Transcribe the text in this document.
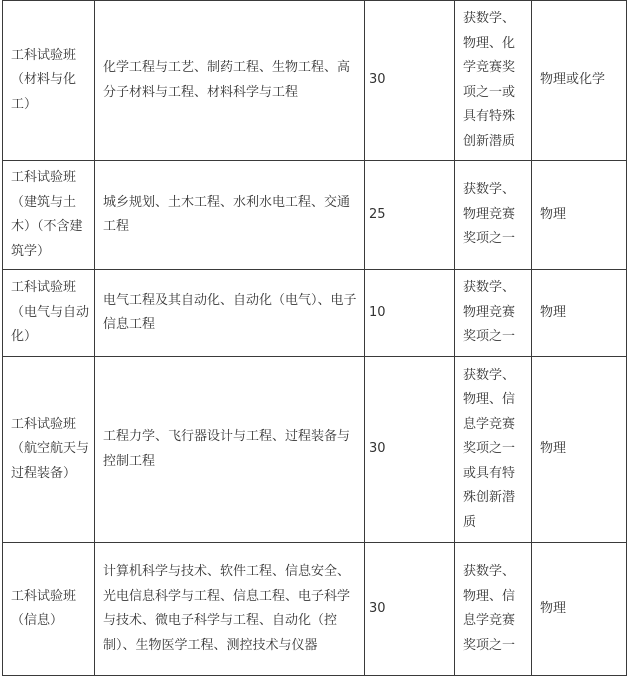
工科试验班（材料与化工）	化学工程与工艺、制药工程、生物工程、高分子材料与工程、材料科学与工程	30	获数学、物理、化学竞赛奖项之一或具有特殊创新潜质	物理或化学
工科试验班（建筑与土木）（不含建筑学）	城乡规划、土木工程、水利水电工程、交通工程	25	获数学、物理竞赛奖项之一	物理
工科试验班（电气与自动化）	电气工程及其自动化、自动化（电气）、电子信息工程	10	获数学、物理竞赛奖项之一	物理
工科试验班（航空航天与过程装备）	工程力学、飞行器设计与工程、过程装备与控制工程	30	获数学、物理、信息学竞赛奖项之一或具有特殊创新潜质	物理
工科试验班（信息）	计算机科学与技术、软件工程、信息安全、光电信息科学与工程、信息工程、电子科学与技术、微电子科学与工程、自动化（控制）、生物医学工程、测控技术与仪器	30	获数学、物理、信息学竞赛奖项之一	物理
